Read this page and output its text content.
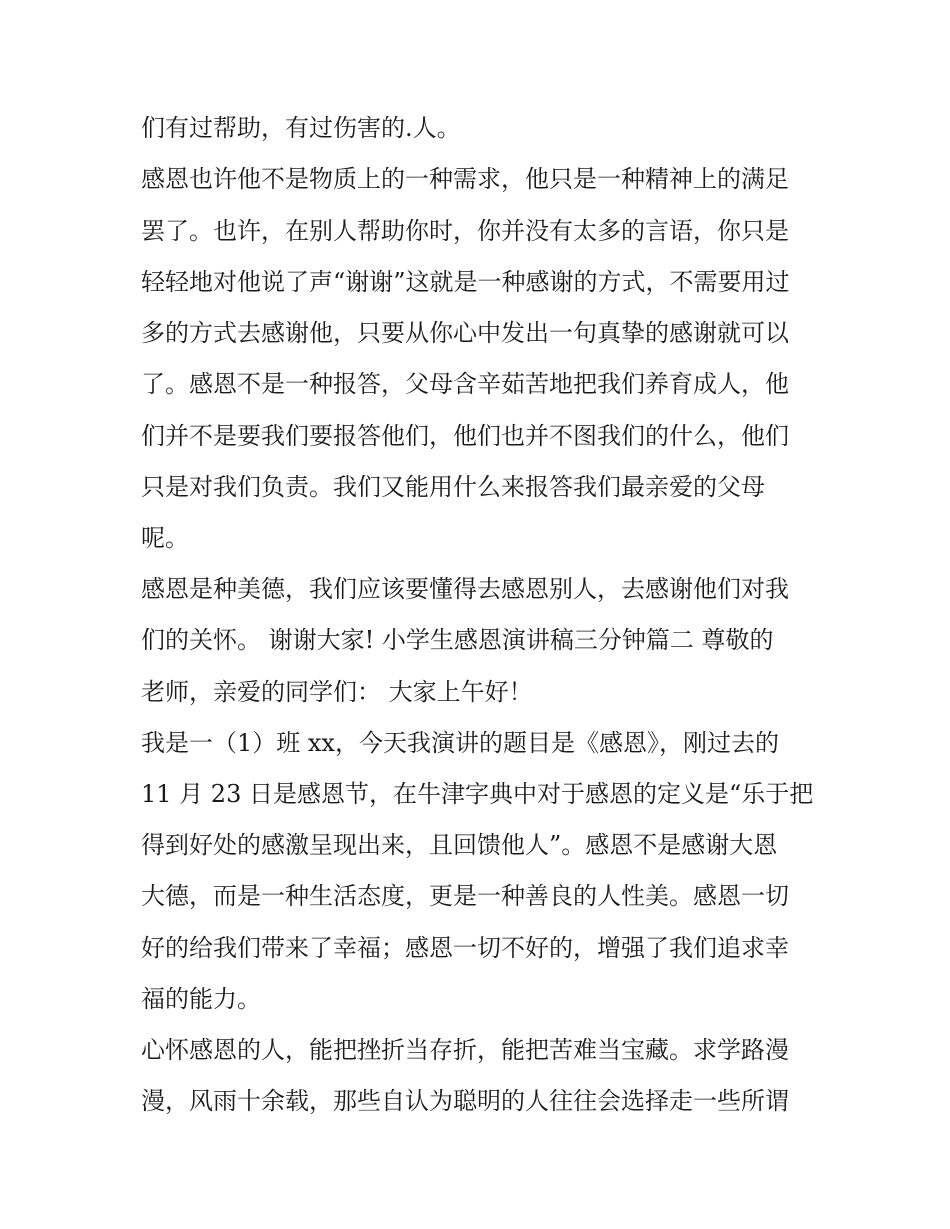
们有过帮助，有过伤害的.人。
感恩也许他不是物质上的一种需求，他只是一种精神上的满足
罢了。也许，在别人帮助你时，你并没有太多的言语，你只是
轻轻地对他说了声“谢谢”这就是一种感谢的方式，不需要用过
多的方式去感谢他，只要从你心中发出一句真挚的感谢就可以
了。感恩不是一种报答，父母含辛茹苦地把我们养育成人，他
们并不是要我们要报答他们，他们也并不图我们的什么，他们
只是对我们负责。我们又能用什么来报答我们最亲爱的父母
呢。
感恩是种美德，我们应该要懂得去感恩别人，去感谢他们对我
们的关怀。 谢谢大家! 小学生感恩演讲稿三分钟篇二 尊敬的
老师，亲爱的同学们： 大家上午好！
我是一（1）班 xx，今天我演讲的题目是《感恩》，刚过去的
11 月 23 日是感恩节，在牛津字典中对于感恩的定义是“乐于把
得到好处的感激呈现出来，且回馈他人”。感恩不是感谢大恩
大德，而是一种生活态度，更是一种善良的人性美。感恩一切
好的给我们带来了幸福；感恩一切不好的，增强了我们追求幸
福的能力。
心怀感恩的人，能把挫折当存折，能把苦难当宝藏。求学路漫
漫，风雨十余载，那些自认为聪明的人往往会选择走一些所谓
